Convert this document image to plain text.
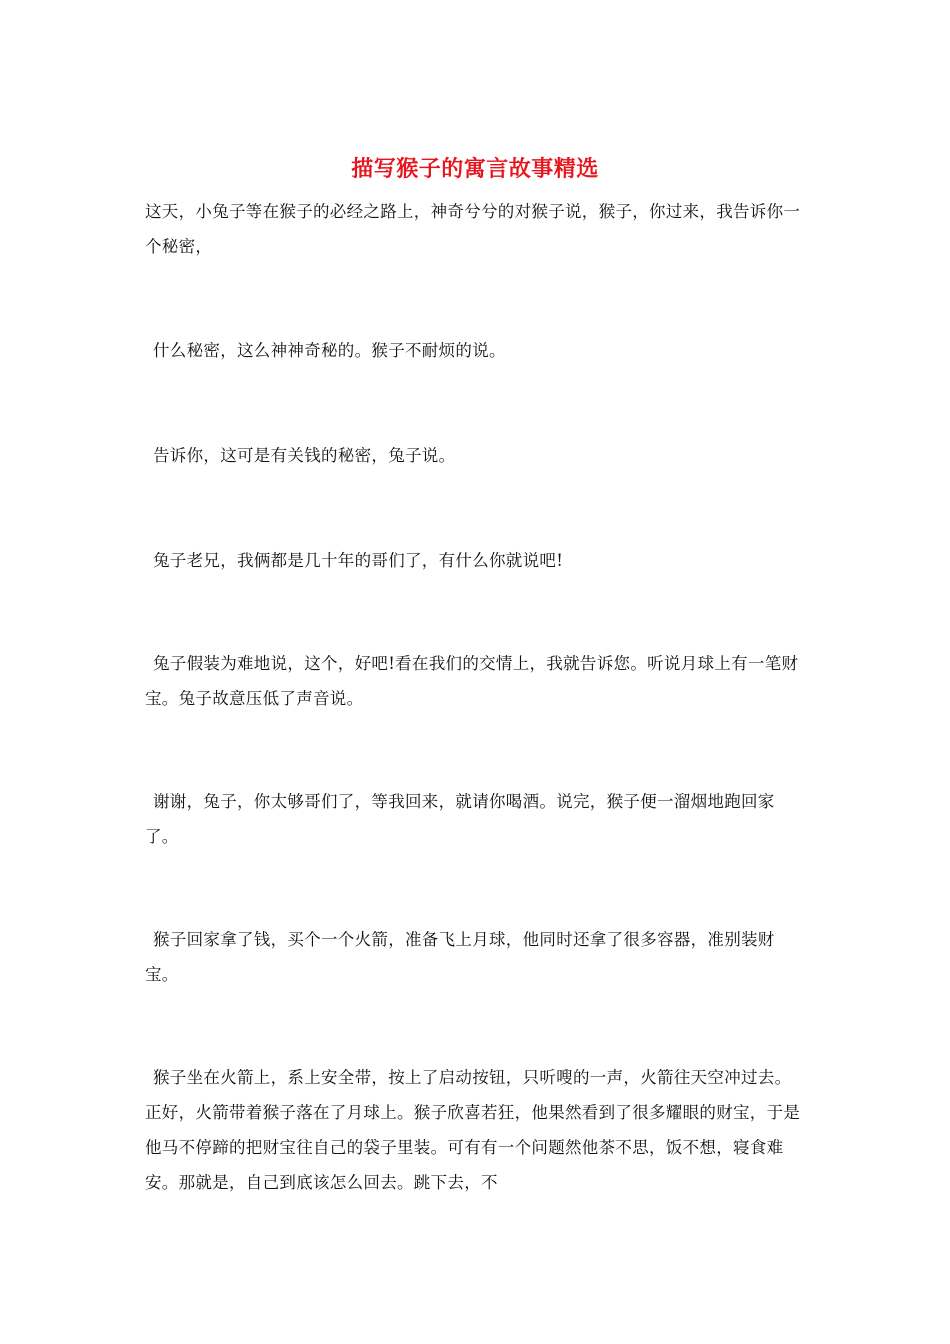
描写猴子的寓言故事精选

这天，小兔子等在猴子的必经之路上，神奇兮兮的对猴子说，猴子，你过来，我告诉你一个秘密，

什么秘密，这么神神奇秘的。猴子不耐烦的说。

告诉你，这可是有关钱的秘密，兔子说。

兔子老兄，我俩都是几十年的哥们了，有什么你就说吧!

兔子假装为难地说，这个，好吧!看在我们的交情上，我就告诉您。听说月球上有一笔财宝。兔子故意压低了声音说。

谢谢，兔子，你太够哥们了，等我回来，就请你喝酒。说完，猴子便一溜烟地跑回家了。

猴子回家拿了钱，买个一个火箭，准备飞上月球，他同时还拿了很多容器，准别装财宝。

猴子坐在火箭上，系上安全带，按上了启动按钮，只听嗖的一声，火箭往天空冲过去。正好，火箭带着猴子落在了月球上。猴子欣喜若狂，他果然看到了很多耀眼的财宝，于是他马不停蹄的把财宝往自己的袋子里装。可有有一个问题然他茶不思，饭不想，寝食难安。那就是，自己到底该怎么回去。跳下去，不
